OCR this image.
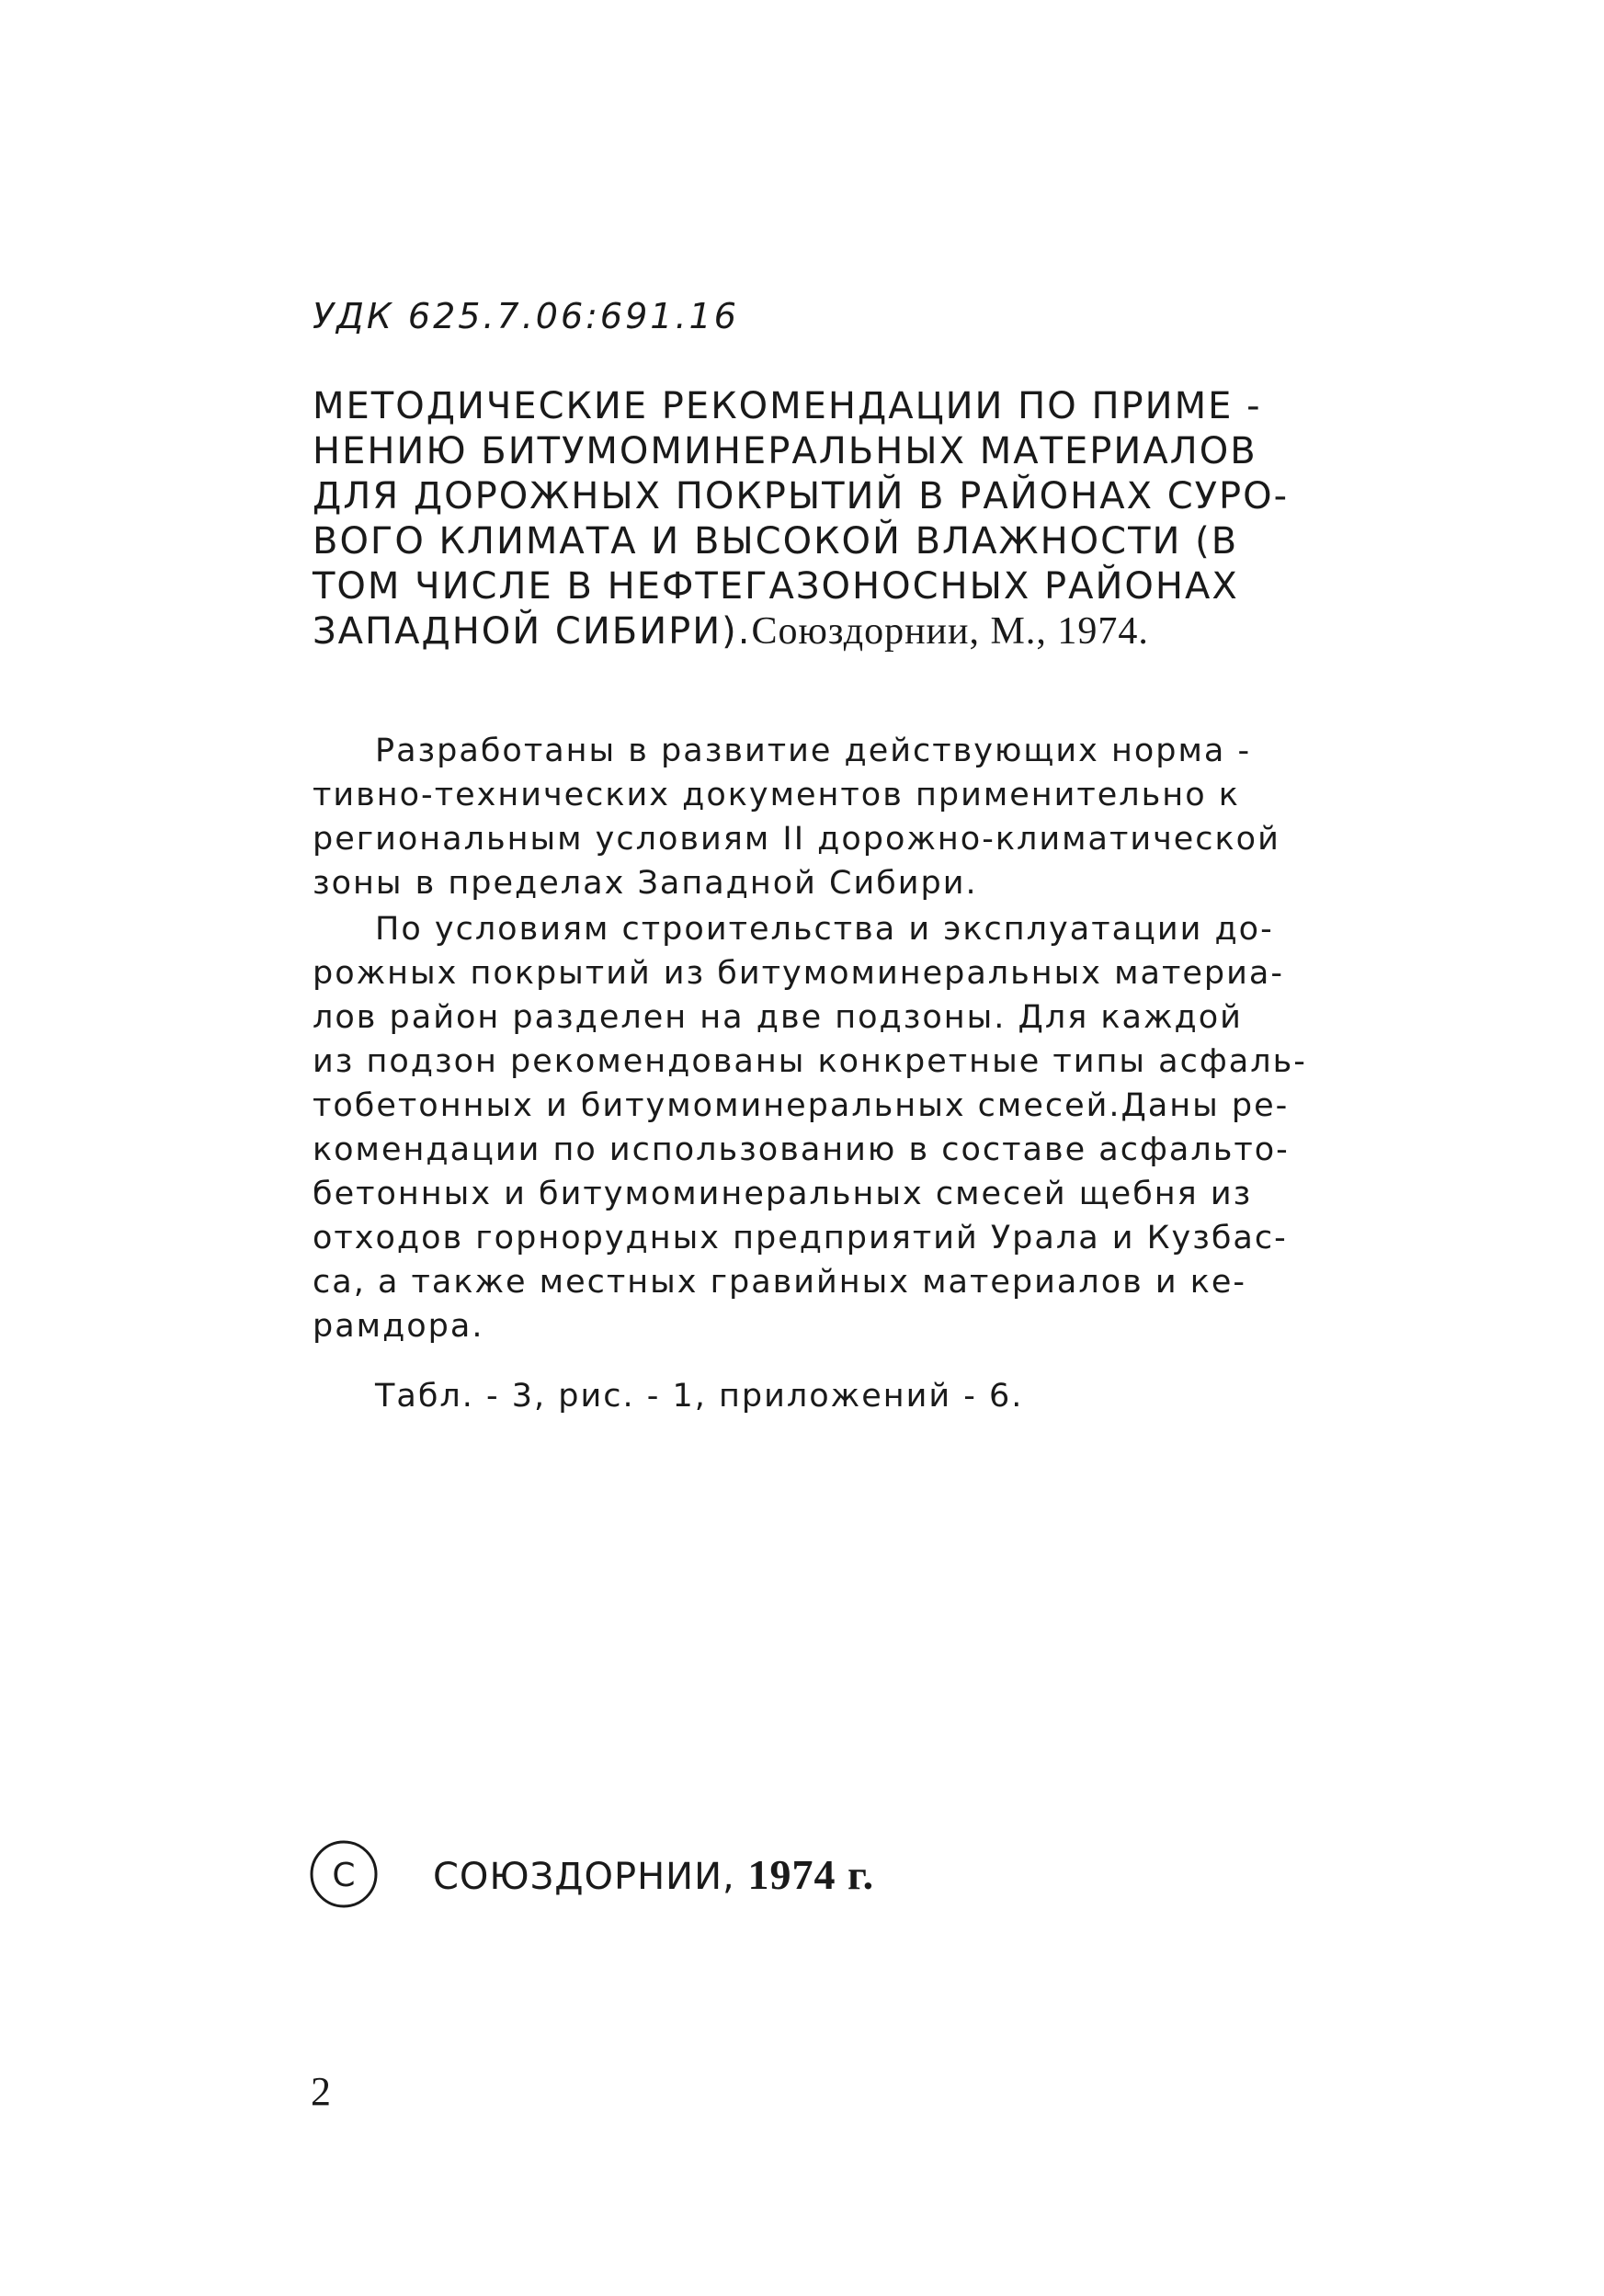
УДК 625.7.06:691.16
МЕТОДИЧЕСКИЕ РЕКОМЕНДАЦИИ ПО ПРИМЕ -
НЕНИЮ БИТУМОМИНЕРАЛЬНЫХ МАТЕРИАЛОВ
ДЛЯ ДОРОЖНЫХ ПОКРЫТИЙ В РАЙОНАХ СУРО-
ВОГО КЛИМАТА И ВЫСОКОЙ ВЛАЖНОСТИ (В
ТОМ ЧИСЛЕ В НЕФТЕГАЗОНОСНЫХ РАЙОНАХ
ЗАПАДНОЙ СИБИРИ).Союздорнии, М., 1974.

Разработаны в развитие действующих норма -
тивно-технических документов применительно к
региональным условиям II дорожно-климатической
зоны в пределах Западной Сибири.

По условиям строительства и эксплуатации до-
рожных покрытий из битумоминеральных материа-
лов район разделен на две подзоны. Для каждой
из подзон рекомендованы конкретные типы асфаль-
тобетонных и битумоминеральных смесей.Даны ре-
комендации по использованию в составе асфальто-
бетонных и битумоминеральных смесей щебня из
отходов горнорудных предприятий Урала и Кузбас-
са, а также местных гравийных материалов и ке-
рамдора.

Табл. - 3, рис. - 1, приложений - 6.

C СОЮЗДОРНИИ, 1974 г.
2
